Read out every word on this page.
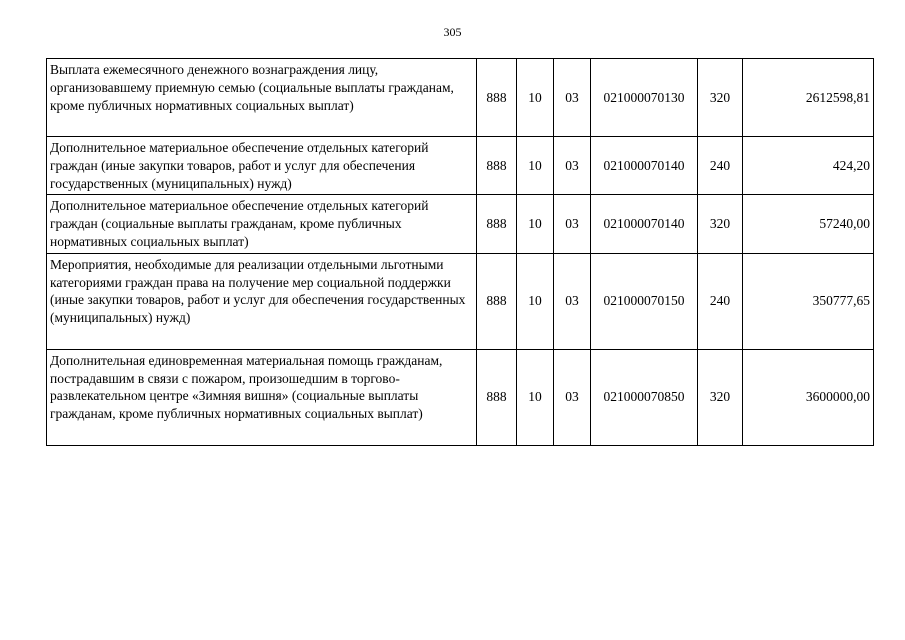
305
Выплата ежемесячного денежного вознаграждения лицу, организовавшему приемную семью (социальные выплаты гражданам, кроме публичных нормативных социальных выплат)	888	10	03	021000070130	320	2612598,81
Дополнительное материальное обеспечение отдельных категорий граждан (иные закупки товаров, работ и услуг для обеспечения государственных (муниципальных) нужд)	888	10	03	021000070140	240	424,20
Дополнительное материальное обеспечение отдельных категорий граждан (социальные выплаты гражданам, кроме публичных нормативных социальных выплат)	888	10	03	021000070140	320	57240,00
Мероприятия, необходимые для реализации отдельными льготными категориями граждан права на получение мер социальной поддержки (иные закупки товаров, работ и услуг для обеспечения государственных (муниципальных) нужд)	888	10	03	021000070150	240	350777,65
Дополнительная единовременная материальная помощь гражданам, пострадавшим в связи с пожаром, произошедшим в торгово-развлекательном центре «Зимняя вишня» (социальные выплаты гражданам, кроме публичных нормативных социальных выплат)	888	10	03	021000070850	320	3600000,00
